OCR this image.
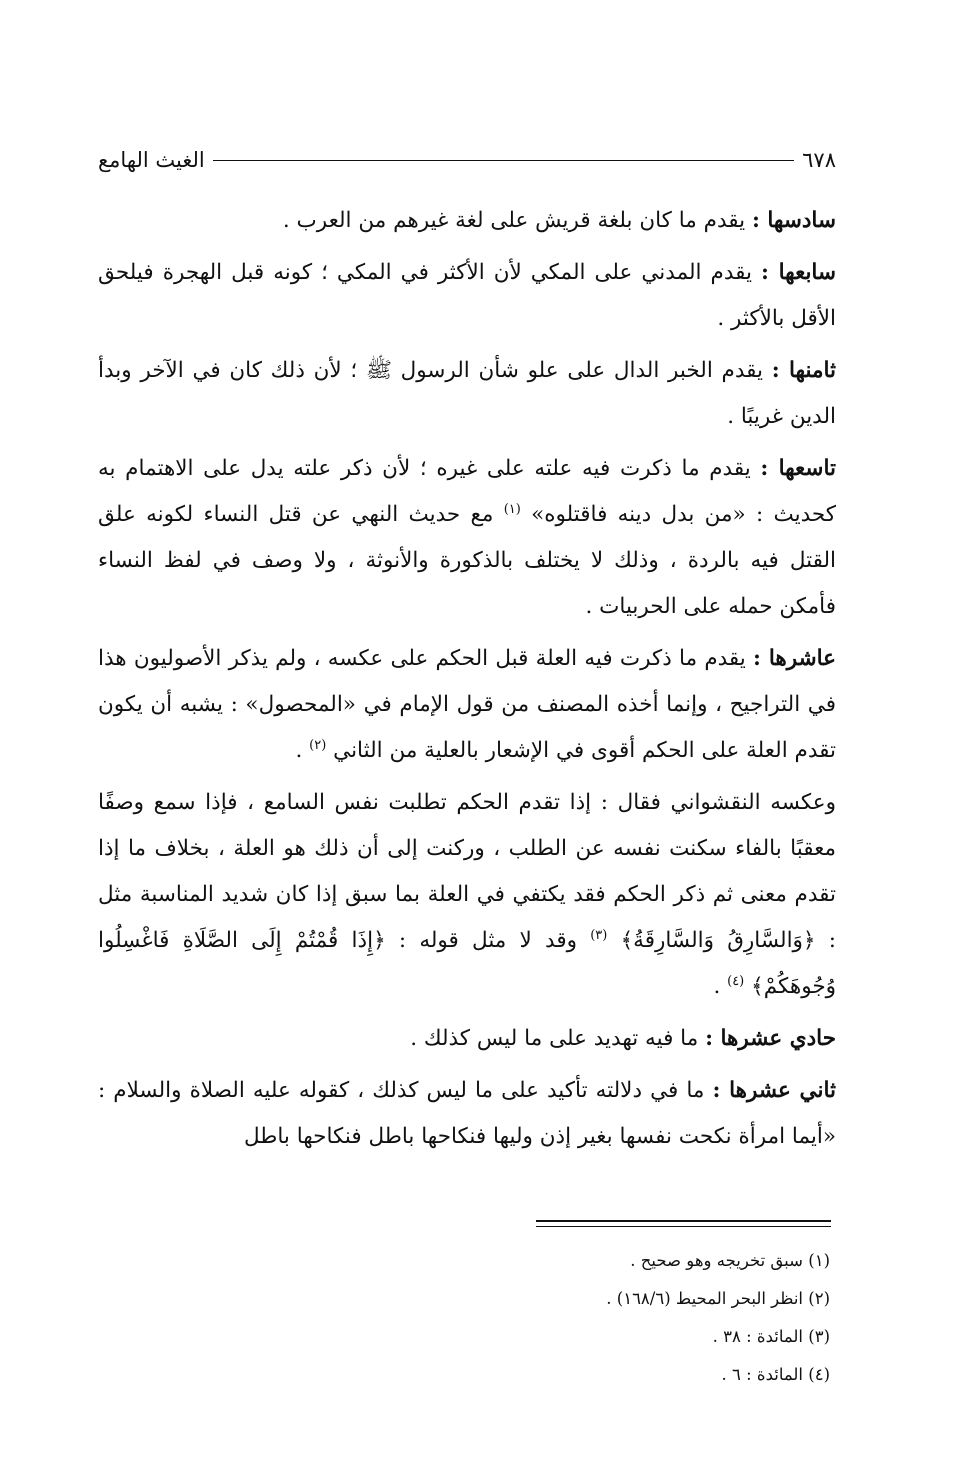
٦٧٨
الغيث الهامع

سادسها : يقدم ما كان بلغة قريش على لغة غيرهم من العرب .

سابعها : يقدم المدني على المكي لأن الأكثر في المكي ؛ كونه قبل الهجرة فيلحق الأقل بالأكثر .

ثامنها : يقدم الخبر الدال على علو شأن الرسول ﷺ ؛ لأن ذلك كان في الآخر وبدأ الدين غريبًا .

تاسعها : يقدم ما ذكرت فيه علته على غيره ؛ لأن ذكر علته يدل على الاهتمام به كحديث : «من بدل دينه فاقتلوه» $^{(١)}$ مع حديث النهي عن قتل النساء لكونه علق القتل فيه بالردة ، وذلك لا يختلف بالذكورة والأنوثة ، ولا وصف في لفظ النساء فأمكن حمله على الحربيات .

عاشرها : يقدم ما ذكرت فيه العلة قبل الحكم على عكسه ، ولم يذكر الأصوليون هذا في التراجيح ، وإنما أخذه المصنف من قول الإمام في «المحصول» : يشبه أن يكون تقدم العلة على الحكم أقوى في الإشعار بالعلية من الثاني $^{(٢)}$ .

وعكسه النقشواني فقال : إذا تقدم الحكم تطلبت نفس السامع ، فإذا سمع وصفًا معقبًا بالفاء سكنت نفسه عن الطلب ، وركنت إلى أن ذلك هو العلة ، بخلاف ما إذا تقدم معنى ثم ذكر الحكم فقد يكتفي في العلة بما سبق إذا كان شديد المناسبة مثل : ﴿وَالسَّارِقُ وَالسَّارِقَةُ﴾ $^{(٣)}$ وقد لا مثل قوله : ﴿إِذَا قُمْتُمْ إِلَى الصَّلَاةِ فَاغْسِلُوا وُجُوهَكُمْ﴾ $^{(٤)}$ .

حادي عشرها : ما فيه تهديد على ما ليس كذلك .

ثاني عشرها : ما في دلالته تأكيد على ما ليس كذلك ، كقوله عليه الصلاة والسلام : «أيما امرأة نكحت نفسها بغير إذن وليها فنكاحها باطل فنكاحها باطل

(١) سبق تخريجه وهو صحيح .
(٢) انظر البحر المحيط (١٦٨/٦) .
(٣) المائدة : ٣٨ .
(٤) المائدة : ٦ .
